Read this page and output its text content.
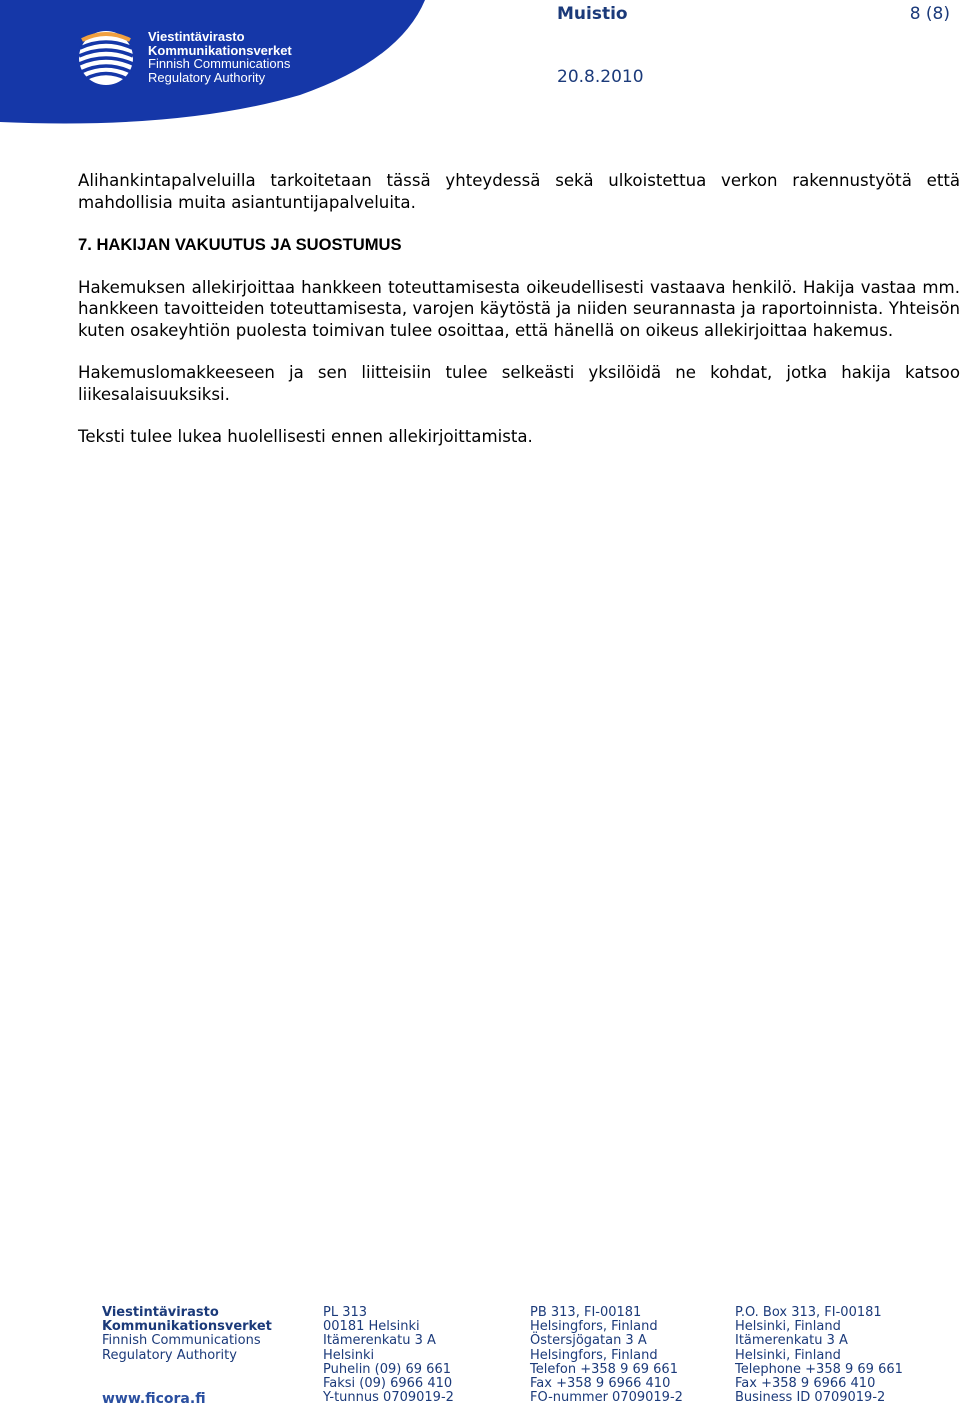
Viestintävirasto
Kommunikationsverket
Finnish Communications
Regulatory Authority
Muistio	8 (8)
20.8.2010

Alihankintapalveluilla tarkoitetaan tässä yhteydessä sekä ulkoistettua verkon rakennustyötä että mahdollisia muita asiantuntijapalveluita.

7. HAKIJAN VAKUUTUS JA SUOSTUMUS

Hakemuksen allekirjoittaa hankkeen toteuttamisesta oikeudellisesti vastaava henkilö. Hakija vastaa mm. hankkeen tavoitteiden toteuttamisesta, varojen käytöstä ja niiden seurannasta ja raportoinnista. Yhteisön kuten osakeyhtiön puolesta toimivan tulee osoittaa, että hänellä on oikeus allekirjoittaa hakemus.

Hakemuslomakkeeseen ja sen liitteisiin tulee selkeästi yksilöidä ne kohdat, jotka hakija katsoo liikesalaisuuksiksi.

Teksti tulee lukea huolellisesti ennen allekirjoittamista.

Viestintävirasto
Kommunikationsverket
Finnish Communications
Regulatory Authority
www.ficora.fi
PL 313
00181 Helsinki
Itämerenkatu 3 A
Helsinki
Puhelin (09) 69 661
Faksi (09) 6966 410
Y-tunnus 0709019-2
PB 313, FI-00181
Helsingfors, Finland
Östersjögatan 3 A
Helsingfors, Finland
Telefon +358 9 69 661
Fax +358 9 6966 410
FO-nummer 0709019-2
P.O. Box 313, FI-00181
Helsinki, Finland
Itämerenkatu 3 A
Helsinki, Finland
Telephone +358 9 69 661
Fax +358 9 6966 410
Business ID 0709019-2
